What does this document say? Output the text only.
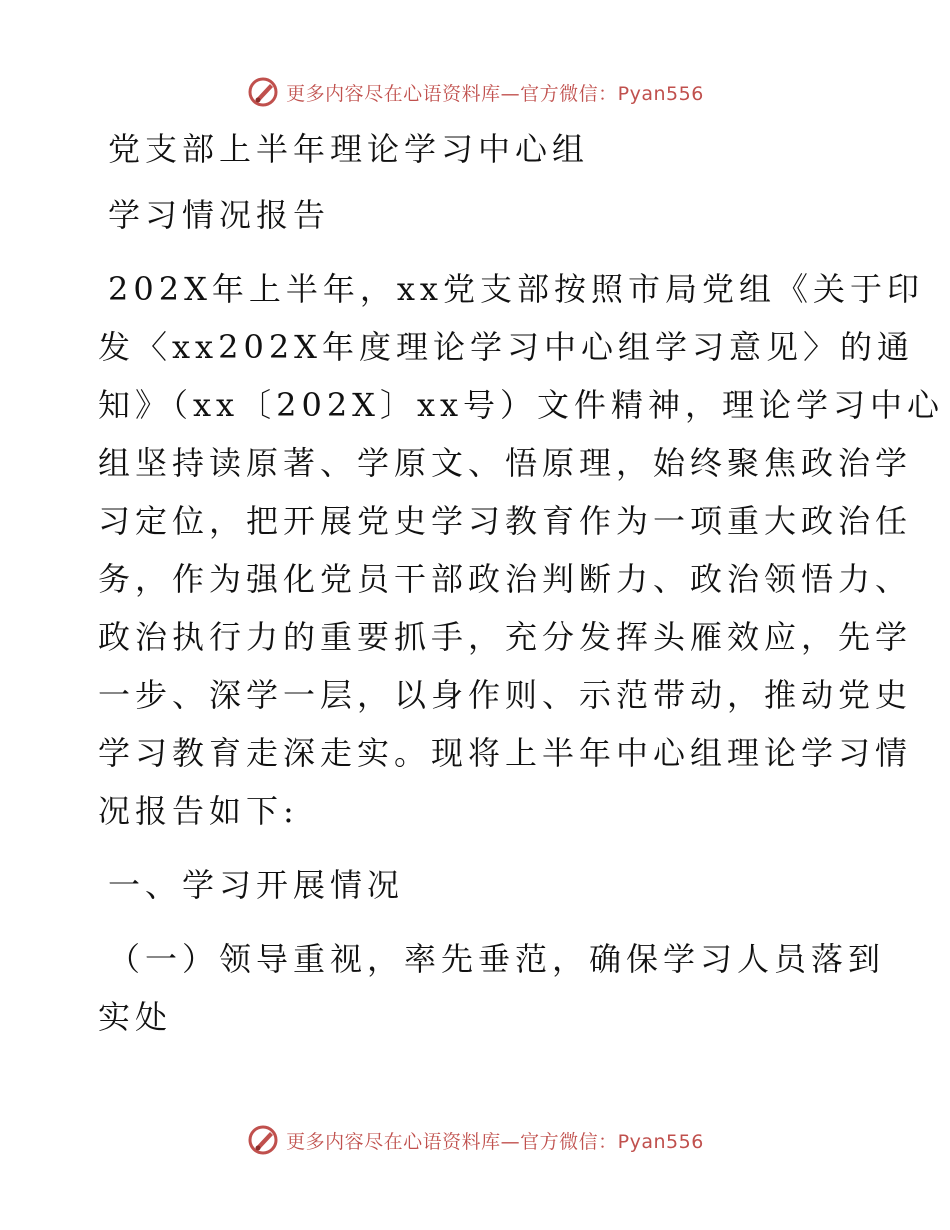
更多内容尽在心语资料库—官方微信：Pyan556

党支部上半年理论学习中心组

学习情况报告

202X年上半年，xx党支部按照市局党组《关于印

发〈xx202X年度理论学习中心组学习意见〉的通

知》（xx〔202X〕xx号）文件精神，理论学习中心

组坚持读原著、学原文、悟原理，始终聚焦政治学

习定位，把开展党史学习教育作为一项重大政治任

务，作为强化党员干部政治判断力、政治领悟力、

政治执行力的重要抓手，充分发挥头雁效应，先学

一步、深学一层，以身作则、示范带动，推动党史

学习教育走深走实。现将上半年中心组理论学习情

况报告如下:

一、学习开展情况

（一）领导重视，率先垂范，确保学习人员落到

实处

更多内容尽在心语资料库—官方微信：Pyan556
